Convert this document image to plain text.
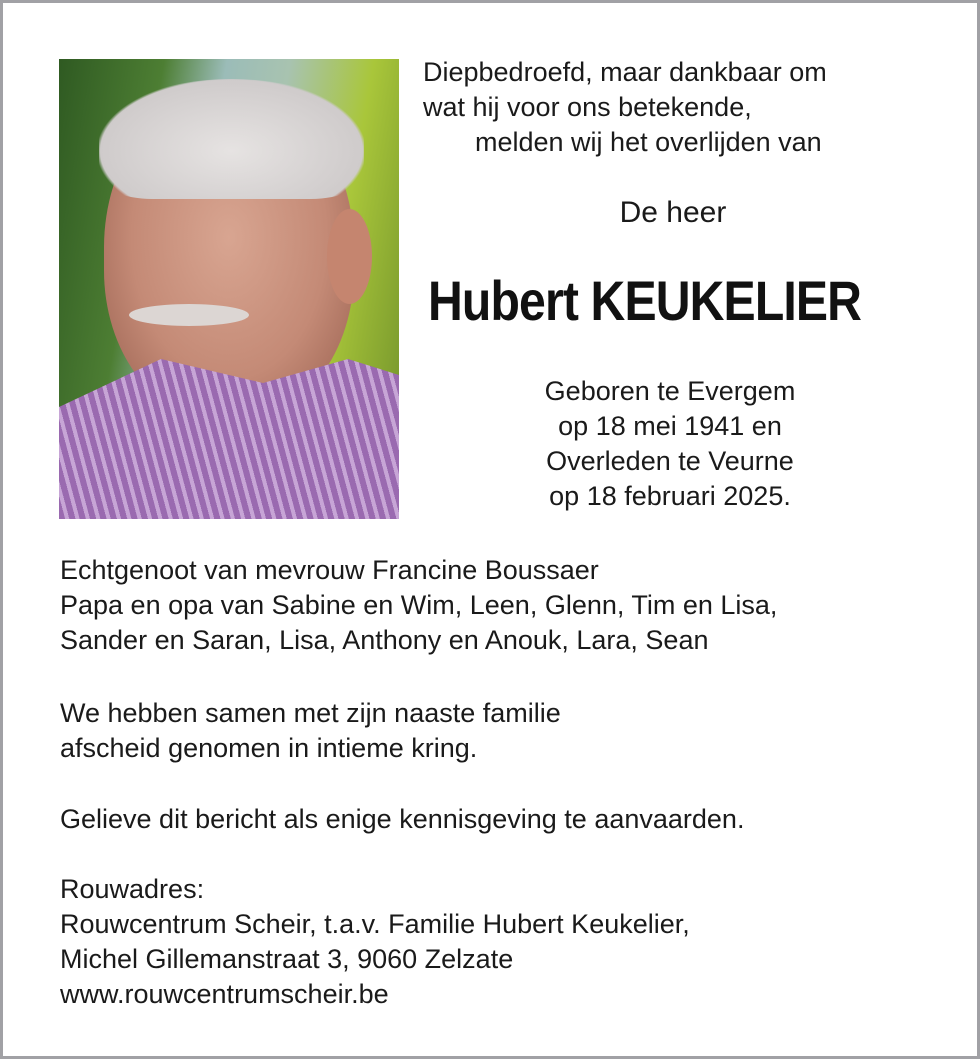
Diepbedroefd, maar dankbaar om
wat hij voor ons betekende,
melden wij het overlijden van
De heer
Hubert KEUKELIER
Geboren te Evergem
op 18 mei 1941 en
Overleden te Veurne
op 18 februari 2025.
Echtgenoot van mevrouw Francine Boussaer
Papa en opa van Sabine en Wim, Leen, Glenn, Tim en Lisa,
Sander en Saran, Lisa, Anthony en Anouk, Lara, Sean
We hebben samen met zijn naaste familie
afscheid genomen in intieme kring.
Gelieve dit bericht als enige kennisgeving te aanvaarden.
Rouwadres:
Rouwcentrum Scheir, t.a.v. Familie Hubert Keukelier,
Michel Gillemanstraat 3, 9060 Zelzate
www.rouwcentrumscheir.be
